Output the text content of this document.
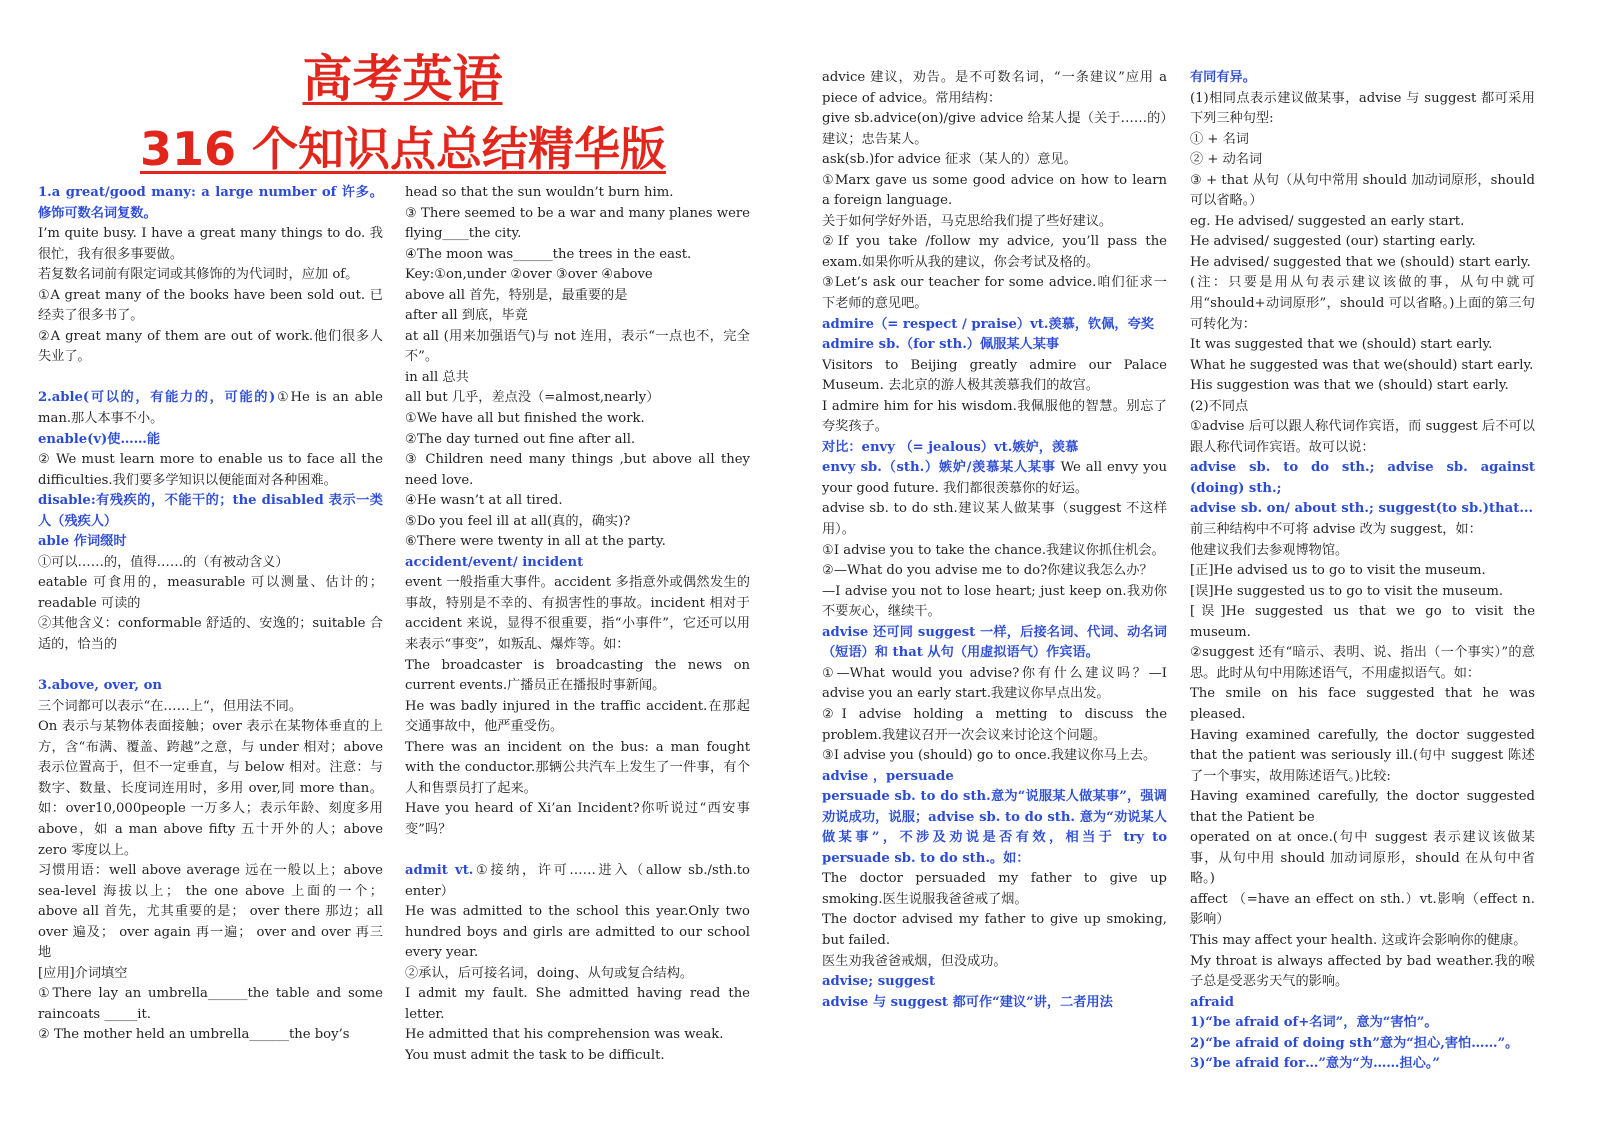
高考英语
316 个知识点总结精华版

1.a great/good many: a large number of 许多。修饰可数名词复数。

I’m quite busy. I have a great many things to do. 我很忙，我有很多事要做。

若复数名词前有限定词或其修饰的为代词时，应加 of。

①A great many of the books have been sold out. 已经卖了很多书了。

②A great many of them are out of work.他们很多人失业了。

2.able(可以的，有能力的，可能的)①He is an able man.那人本事不小。

enable(v)使……能

② We must learn more to enable us to face all the difficulties.我们要多学知识以便能面对各种困难。

disable:有残疾的，不能干的；the disabled 表示一类人（残疾人）

able 作词缀时

①可以……的，值得……的（有被动含义）

eatable 可食用的，measurable 可以测量、估计的；readable 可读的

②其他含义：conformable 舒适的、安逸的；suitable 合适的，恰当的

3.above, over, on

三个词都可以表示“在……上“，但用法不同。

On 表示与某物体表面接触；over 表示在某物体垂直的上方，含“布满、覆盖、跨越”之意，与 under 相对；above 表示位置高于，但不一定垂直，与 below 相对。注意：与数字、数量、长度词连用时，多用 over,同 more than。如：over10,000people 一万多人；表示年龄、刻度多用 above，如 a man above fifty 五十开外的人；above zero 零度以上。

习惯用语：well above average 远在一般以上；above sea-level 海拔以上； the one above 上面的一个；above all 首先，尤其重要的是； over there 那边；all over 遍及； over again 再一遍； over and over 再三地

[应用]介词填空

①There lay an umbrella______the table and some raincoats _____it.

② The mother held an umbrella______the boy’s

head so that the sun wouldn’t burn him.

③ There seemed to be a war and many planes were flying____the city.

④The moon was______the trees in the east.

Key:①on,under ②over ③over ④above

above all 首先，特别是，最重要的是

after all 到底，毕竟

at all (用来加强语气)与 not 连用，表示“一点也不，完全不”。

in all 总共

all but 几乎，差点没（=almost,nearly）

①We have all but finished the work.

②The day turned out fine after all.

③ Children need many things ,but above all they need love.

④He wasn’t at all tired.

⑤Do you feel ill at all(真的，确实)?

⑥There were twenty in all at the party.

accident/event/ incident

event 一般指重大事件。accident 多指意外或偶然发生的事故，特别是不幸的、有损害性的事故。incident 相对于 accident 来说，显得不很重要，指“小事件”，它还可以用来表示“事变”，如叛乱、爆炸等。如：

The broadcaster is broadcasting the news on current events.广播员正在播报时事新闻。

He was badly injured in the traffic accident.在那起交通事故中，他严重受伤。

There was an incident on the bus: a man fought with the conductor.那辆公共汽车上发生了一件事，有个人和售票员打了起来。

Have you heard of Xi’an Incident?你听说过“西安事变”吗？

admit vt.①接纳，许可……进入（allow sb./sth.to enter）

He was admitted to the school this year.Only two hundred boys and girls are admitted to our school every year.

②承认，后可接名词，doing、从句或复合结构。

I admit my fault. She admitted having read the letter.

He admitted that his comprehension was weak.

You must admit the task to be difficult.

advice 建议，劝告。是不可数名词，“一条建议”应用 a piece of advice。常用结构：

give sb.advice(on)/give advice 给某人提（关于……的）建议；忠告某人。

ask(sb.)for advice 征求（某人的）意见。

①Marx gave us some good advice on how to learn a foreign language.

关于如何学好外语，马克思给我们提了些好建议。

②If you take /follow my advice, you’ll pass the exam.如果你听从我的建议，你会考试及格的。

③Let’s ask our teacher for some advice.咱们征求一下老师的意见吧。

admire（= respect / praise）vt.羡慕，钦佩，夸奖

admire sb.（for sth.）佩服某人某事

Visitors to Beijing greatly admire our Palace Museum. 去北京的游人极其羡慕我们的故宫。

I admire him for his wisdom.我佩服他的智慧。别忘了夸奖孩子。

对比：envy （= jealous）vt.嫉妒，羡慕

envy sb.（sth.）嫉妒/羡慕某人某事 We all envy you your good future. 我们都很羡慕你的好运。

advise sb. to do sth.建议某人做某事（suggest 不这样用）。

①I advise you to take the chance.我建议你抓住机会。

②—What do you advise me to do?你建议我怎么办？

—I advise you not to lose heart; just keep on.我劝你不要灰心，继续干。

advise 还可同 suggest 一样，后接名词、代词、动名词（短语）和 that 从句（用虚拟语气）作宾语。

①—What would you advise?你有什么建议吗？—I advise you an early start.我建议你早点出发。

②I advise holding a metting to discuss the problem.我建议召开一次会议来讨论这个问题。

③I advise you (should) go to once.我建议你马上去。

advise ，persuade

persuade sb. to do sth.意为“说服某人做某事”，强调劝说成功，说服；advise sb. to do sth. 意为“劝说某人做某事”，不涉及劝说是否有效，相当于 try to persuade sb. to do sth.。如：

The doctor persuaded my father to give up smoking.医生说服我爸爸戒了烟。

The doctor advised my father to give up smoking, but failed.

医生劝我爸爸戒烟，但没成功。

advise; suggest

advise 与 suggest 都可作“建议”讲，二者用法

有同有异。

(1)相同点表示建议做某事，advise 与 suggest 都可采用下列三种句型:

① + 名词

② + 动名词

③ + that 从句（从句中常用 should 加动词原形，should 可以省略。）

eg. He advised/ suggested an early start.

He advised/ suggested (our) starting early.

He advised/ suggested that we (should) start early.

(注：只要是用从句表示建议该做的事，从句中就可用“should+动词原形”，should 可以省略。)上面的第三句可转化为：

It was suggested that we (should) start early.

What he suggested was that we(should) start early.

His suggestion was that we (should) start early.

(2)不同点

①advise 后可以跟人称代词作宾语，而 suggest 后不可以跟人称代词作宾语。故可以说：

advise sb. to do sth.; advise sb. against (doing) sth.;

advise sb. on/ about sth.; suggest(to sb.)that...

前三种结构中不可将 advise 改为 suggest，如：

他建议我们去参观博物馆。

[正]He advised us to go to visit the museum.

[误]He suggested us to go to visit the museum.

[误]He suggested us that we go to visit the museum.

②suggest 还有“暗示、表明、说、指出（一个事实）”的意思。此时从句中用陈述语气，不用虚拟语气。如：

The smile on his face suggested that he was pleased.

Having examined carefully, the doctor suggested that the patient was seriously ill.(句中 suggest 陈述了一个事实，故用陈述语气。)比较:

Having examined carefully, the doctor suggested that the Patient be

operated on at once.(句中 suggest 表示建议该做某事，从句中用 should 加动词原形，should 在从句中省略。)

affect （=have an effect on sth.）vt.影响（effect n.影响）

This may affect your health. 这或许会影响你的健康。

My throat is always affected by bad weather.我的喉子总是受恶劣天气的影响。

afraid

1)“be afraid of+名词”，意为“害怕”。

2)“be afraid of doing sth”意为“担心,害怕……”。

3)“be afraid for…”意为“为……担心。”
